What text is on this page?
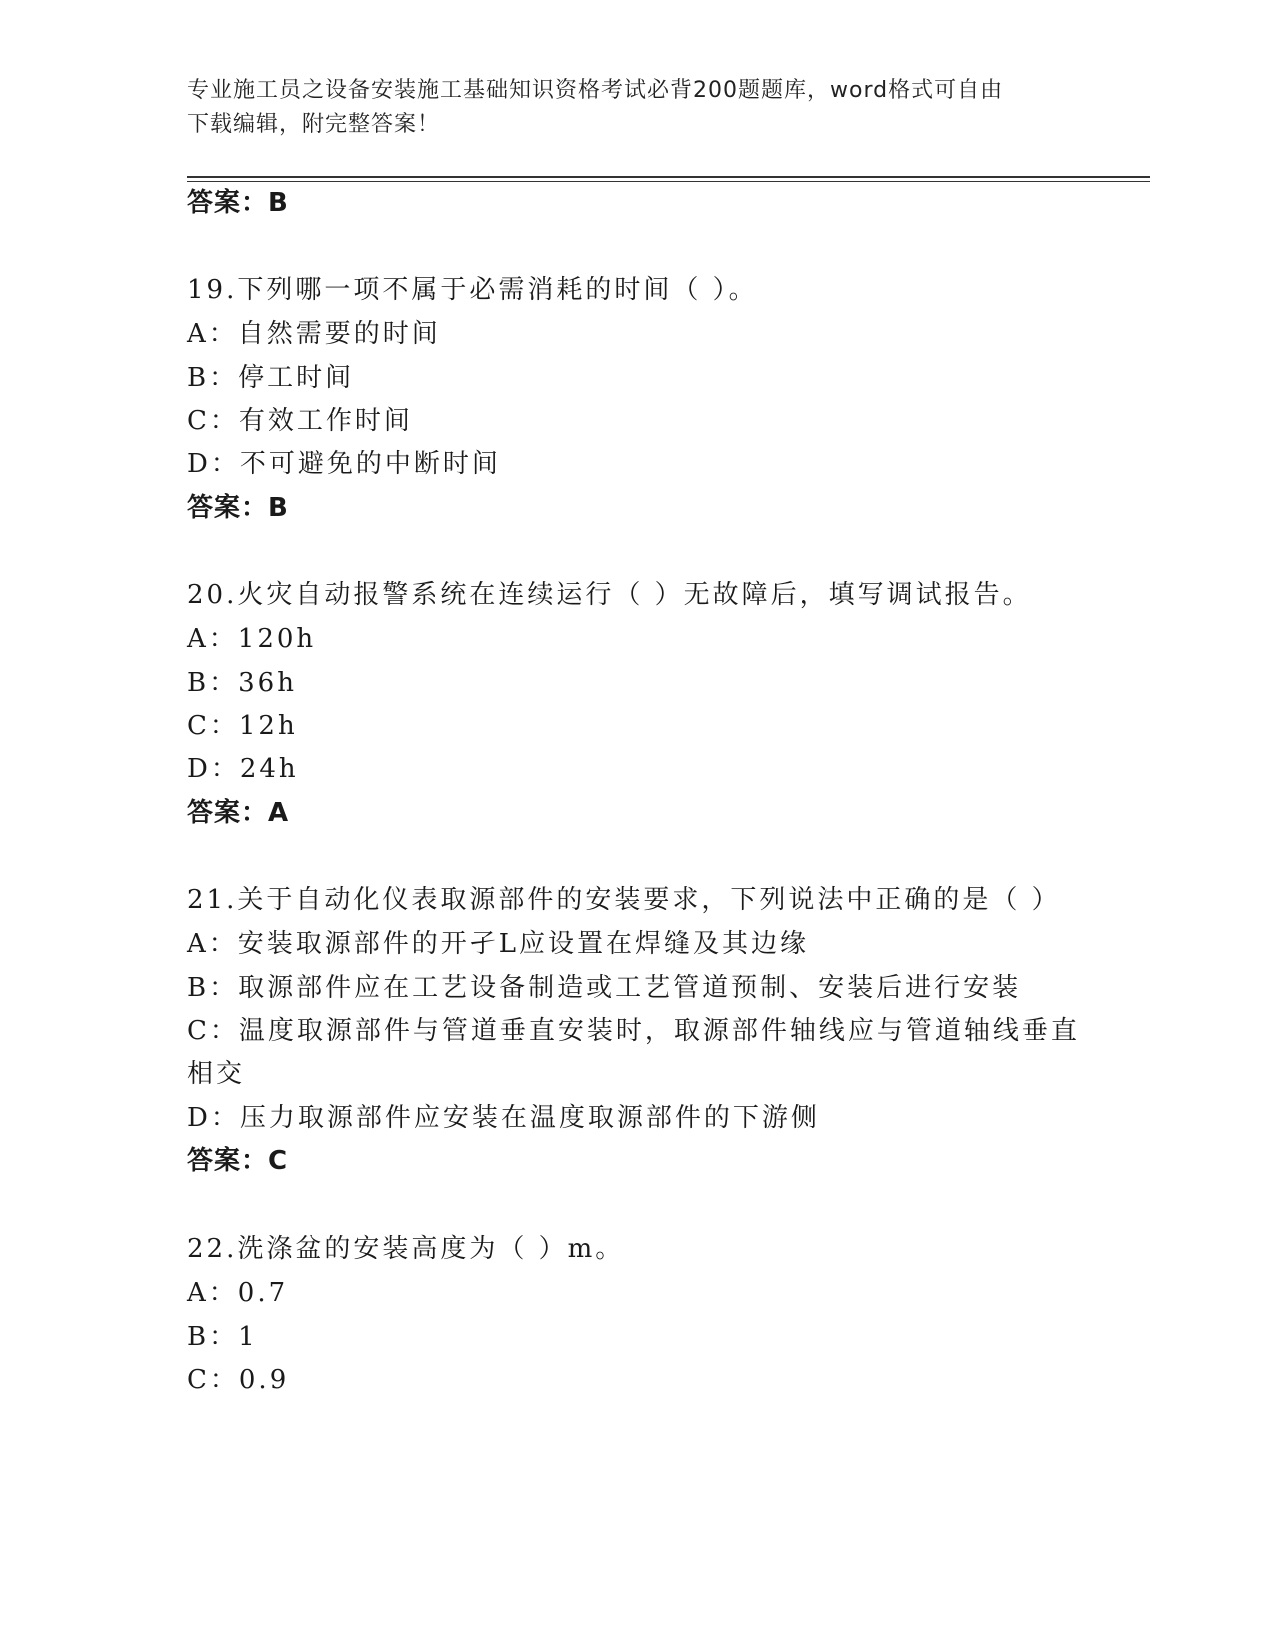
专业施工员之设备安装施工基础知识资格考试必背200题题库，word格式可自由
下载编辑，附完整答案！
答案：B
19.下列哪一项不属于必需消耗的时间（ ）。
A：自然需要的时间
B：停工时间
C：有效工作时间
D：不可避免的中断时间
答案：B
20.火灾自动报警系统在连续运行（ ）无故障后，填写调试报告。
A：120h
B：36h
C：12h
D：24h
答案：A
21.关于自动化仪表取源部件的安装要求，下列说法中正确的是（ ）
A：安装取源部件的开孑L应设置在焊缝及其边缘
B：取源部件应在工艺设备制造或工艺管道预制、安装后进行安装
C：温度取源部件与管道垂直安装时，取源部件轴线应与管道轴线垂直
相交
D：压力取源部件应安装在温度取源部件的下游侧
答案：C
22.洗涤盆的安装高度为（ ）m。
A：0.7
B：1
C：0.9
